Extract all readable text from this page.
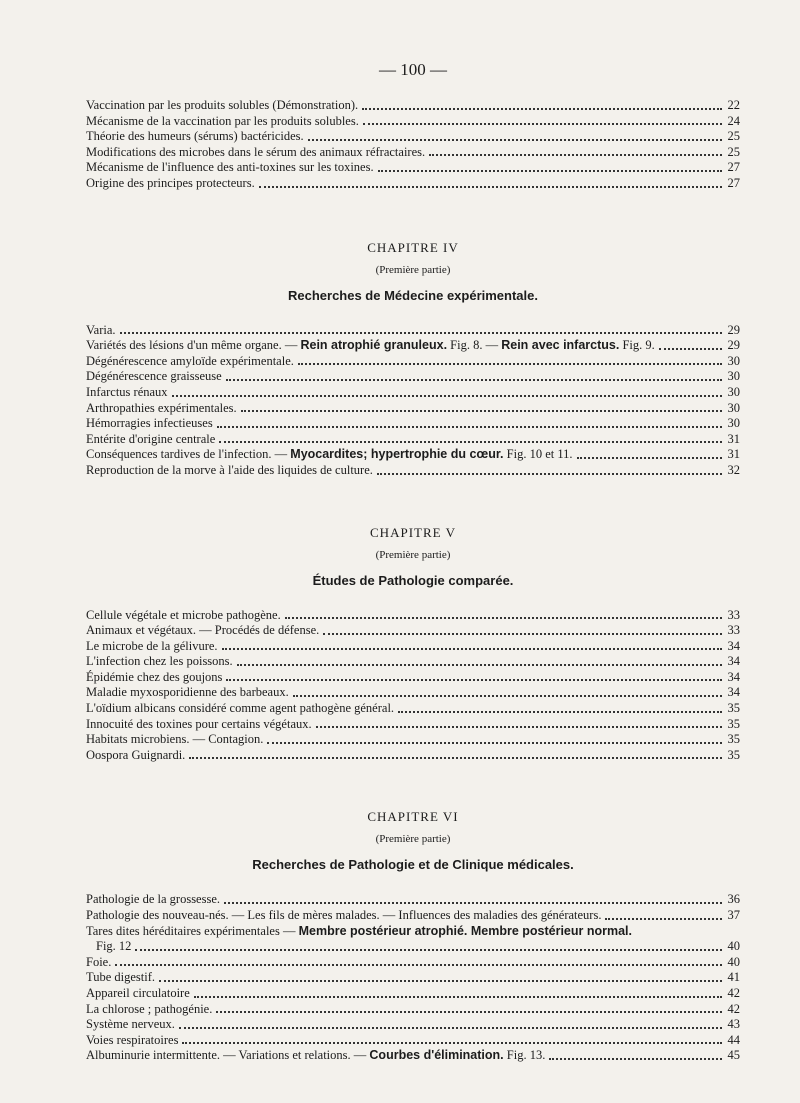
— 100 —
Vaccination par les produits solubles (Démonstration).	22
Mécanisme de la vaccination par les produits solubles.	24
Théorie des humeurs (sérums) bactéricides.	25
Modifications des microbes dans le sérum des animaux réfractaires.	25
Mécanisme de l'influence des anti-toxines sur les toxines.	27
Origine des principes protecteurs.	27
CHAPITRE IV
(Première partie)
Recherches de Médecine expérimentale.
Varia.	29
Variétés des lésions d'un même organe. — Rein atrophié granuleux. Fig. 8. — Rein avec infarctus. Fig. 9.	29
Dégénérescence amyloïde expérimentale.	30
Dégénérescence graisseuse	30
Infarctus rénaux	30
Arthropathies expérimentales.	30
Hémorragies infectieuses	30
Entérite d'origine centrale	31
Conséquences tardives de l'infection. — Myocardites; hypertrophie du cœur. Fig. 10 et 11.	31
Reproduction de la morve à l'aide des liquides de culture.	32
CHAPITRE V
(Première partie)
Études de Pathologie comparée.
Cellule végétale et microbe pathogène.	33
Animaux et végétaux. — Procédés de défense.	33
Le microbe de la gélivure.	34
L'infection chez les poissons.	34
Épidémie chez des goujons	34
Maladie myxosporidienne des barbeaux.	34
L'oïdium albicans considéré comme agent pathogène général.	35
Innocuité des toxines pour certains végétaux.	35
Habitats microbiens. — Contagion.	35
Oospora Guignardi.	35
CHAPITRE VI
(Première partie)
Recherches de Pathologie et de Clinique médicales.
Pathologie de la grossesse.	36
Pathologie des nouveau-nés. — Les fils de mères malades. — Influences des maladies des générateurs.	37
Tares dites héréditaires expérimentales — Membre postérieur atrophié. Membre postérieur normal.
Fig. 12	40
Foie.	40
Tube digestif.	41
Appareil circulatoire	42
La chlorose ; pathogénie.	42
Système nerveux.	43
Voies respiratoires	44
Albuminurie intermittente. — Variations et relations. — Courbes d'élimination. Fig. 13.	45
